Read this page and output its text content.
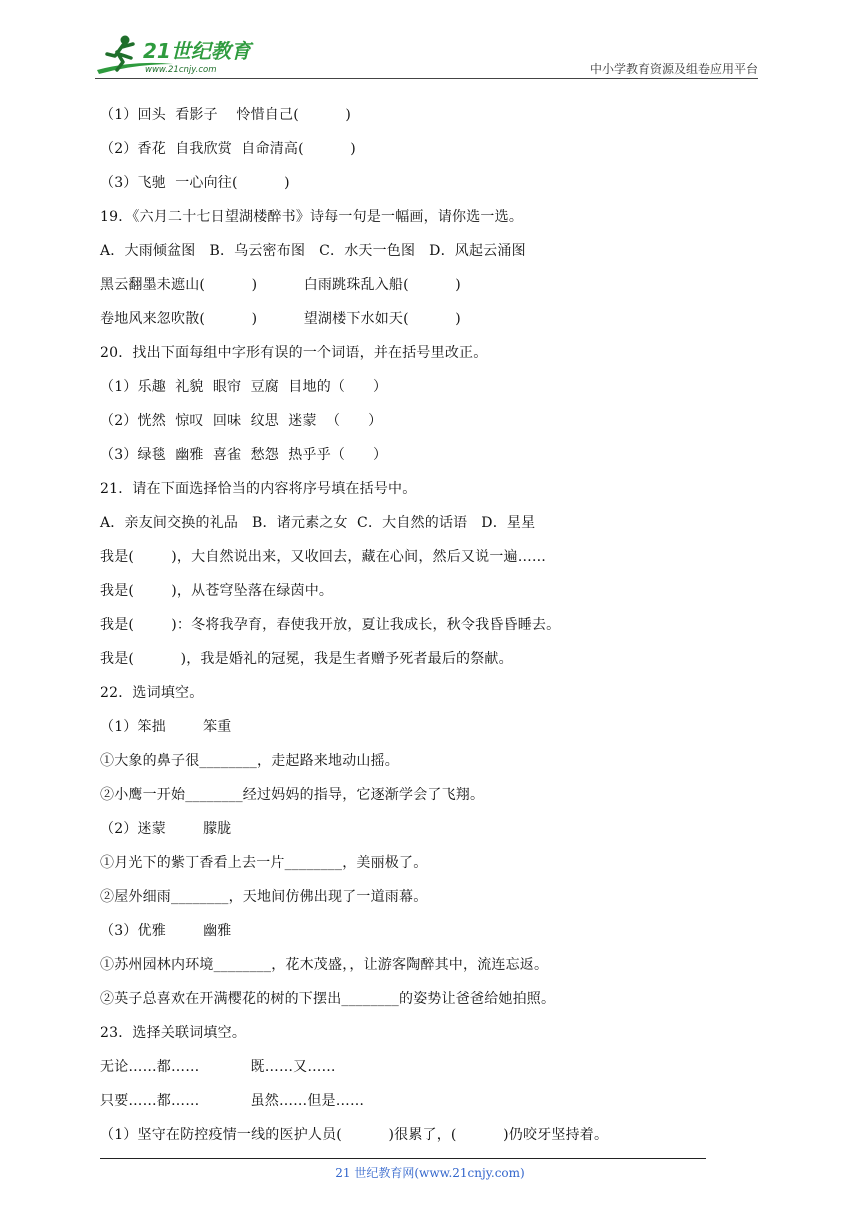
21世纪教育
www.21cnjy.com	中小学教育资源及组卷应用平台
（1）回头  看影子    怜惜自己(          )
（2）香花  自我欣赏  自命清高(          )
（3）飞驰  一心向往(          )
19．《六月二十七日望湖楼醉书》诗每一句是一幅画，请你选一选。
A．大雨倾盆图   B．乌云密布图   C．水天一色图   D．风起云涌图
黑云翻墨未遮山(          )          白雨跳珠乱入船(          )
卷地风来忽吹散(          )          望湖楼下水如天(          )
20．找出下面每组中字形有误的一个词语，并在括号里改正。
（1）乐趣  礼貌  眼帘  豆腐  目地的（      ）
（2）恍然  惊叹  回味  纹思  迷蒙  （      ）
（3）绿毯  幽雅  喜雀  愁怨  热乎乎（      ）
21．请在下面选择恰当的内容将序号填在括号中。
A．亲友间交换的礼品   B．诸元素之女  C．大自然的话语   D．星星
我是(        )，大自然说出来，又收回去，藏在心间，然后又说一遍……
我是(        )，从苍穹坠落在绿茵中。
我是(        )：冬将我孕育，春使我开放，夏让我成长，秋令我昏昏睡去。
我是(          )，我是婚礼的冠冕，我是生者赠予死者最后的祭献。
22．选词填空。
（1）笨拙        笨重
①大象的鼻子很________，走起路来地动山摇。
②小鹰一开始________经过妈妈的指导，它逐渐学会了飞翔。
（2）迷蒙        朦胧
①月光下的紫丁香看上去一片________，美丽极了。
②屋外细雨________，天地间仿佛出现了一道雨幕。
（3）优雅        幽雅
①苏州园林内环境________，花木茂盛，，让游客陶醉其中，流连忘返。
②英子总喜欢在开满樱花的树的下摆出________的姿势让爸爸给她拍照。
23．选择关联词填空。
无论……都……           既……又……
只要……都……           虽然……但是……
（1）坚守在防控疫情一线的医护人员(          )很累了，(          )仍咬牙坚持着。
21 世纪教育网(www.21cnjy.com)
